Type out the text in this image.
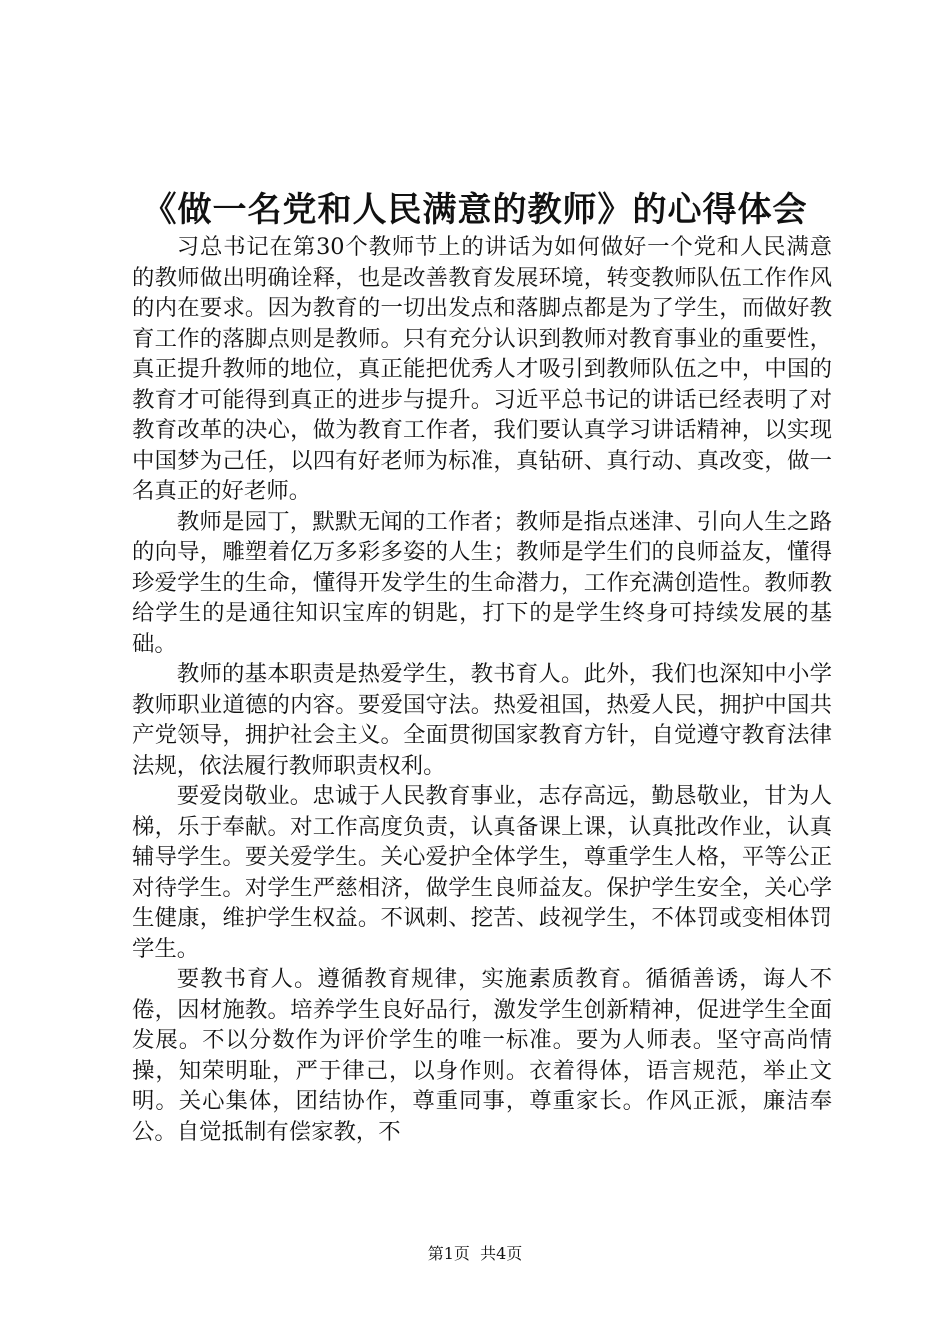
《做一名党和人民满意的教师》的心得体会

习总书记在第30个教师节上的讲话为如何做好一个党和人民满意的教师做出明确诠释，也是改善教育发展环境，转变教师队伍工作作风的内在要求。因为教育的一切出发点和落脚点都是为了学生，而做好教育工作的落脚点则是教师。只有充分认识到教师对教育事业的重要性，真正提升教师的地位，真正能把优秀人才吸引到教师队伍之中，中国的教育才可能得到真正的进步与提升。习近平总书记的讲话已经表明了对教育改革的决心，做为教育工作者，我们要认真学习讲话精神，以实现中国梦为己任，以四有好老师为标准，真钻研、真行动、真改变，做一名真正的好老师。

教师是园丁，默默无闻的工作者；教师是指点迷津、引向人生之路的向导，雕塑着亿万多彩多姿的人生；教师是学生们的良师益友，懂得珍爱学生的生命，懂得开发学生的生命潜力，工作充满创造性。教师教给学生的是通往知识宝库的钥匙，打下的是学生终身可持续发展的基础。

教师的基本职责是热爱学生，教书育人。此外，我们也深知中小学教师职业道德的内容。要爱国守法。热爱祖国，热爱人民，拥护中国共产党领导，拥护社会主义。全面贯彻国家教育方针，自觉遵守教育法律法规，依法履行教师职责权利。

要爱岗敬业。忠诚于人民教育事业，志存高远，勤恳敬业，甘为人梯，乐于奉献。对工作高度负责，认真备课上课，认真批改作业，认真辅导学生。要关爱学生。关心爱护全体学生，尊重学生人格，平等公正对待学生。对学生严慈相济，做学生良师益友。保护学生安全，关心学生健康，维护学生权益。不讽刺、挖苦、歧视学生，不体罚或变相体罚学生。

要教书育人。遵循教育规律，实施素质教育。循循善诱，诲人不倦，因材施教。培养学生良好品行，激发学生创新精神，促进学生全面发展。不以分数作为评价学生的唯一标准。要为人师表。坚守高尚情操，知荣明耻，严于律己，以身作则。衣着得体，语言规范，举止文明。关心集体，团结协作，尊重同事，尊重家长。作风正派，廉洁奉公。自觉抵制有偿家教，不

第1页  共4页
